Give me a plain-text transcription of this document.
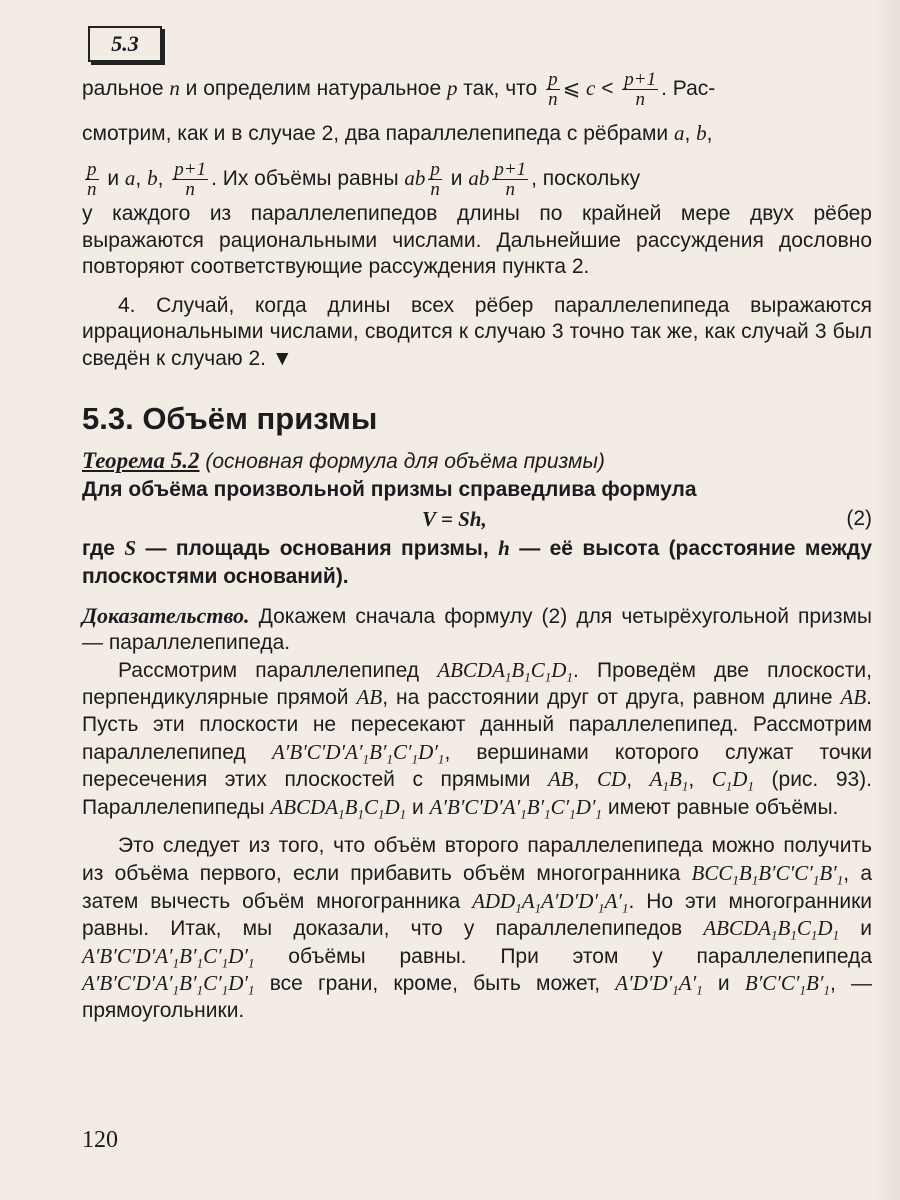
5.3

ральное n и определим натуральное p так, что $\frac{p}{n}$ ⩽ $c < \frac{p+1}{n}$ . Рас-
смотрим, как и в случае 2, два параллелепипеда с рёбрами a, b,

$\frac{p}{n}$ и a, b, $\frac{p+1}{n}$ . Их объёмы равны ab $\frac{p}{n}$ и ab $\frac{p+1}{n}$ , поскольку

у каждого из параллелепипедов длины по крайней мере двух рёбер выражаются рациональными числами. Дальнейшие рассуждения дословно повторяют соответствующие рассуждения пункта 2.

4. Случай, когда длины всех рёбер параллелепипеда выражаются иррациональными числами, сводится к случаю 3 точно так же, как случай 3 был сведён к случаю 2. ▼

5.3. Объём призмы

Теорема 5.2 (основная формула для объёма призмы)

Для объёма произвольной призмы справедлива формула

V = Sh,	(2)

где S — площадь основания призмы, h — её высота (расстояние между плоскостями оснований).

Доказательство. Докажем сначала формулу (2) для четырёхугольной призмы — параллелепипеда.

Рассмотрим параллелепипед $ABCDA_1B_1C_1D_1$. Проведём две плоскости, перпендикулярные прямой AB, на расстоянии друг от друга, равном длине AB. Пусть эти плоскости не пересекают данный параллелепипед. Рассмотрим параллелепипед $A'B'C'D'A'_1B'_1C'_1D'_1$, вершинами которого служат точки пересечения этих плоскостей с прямыми AB, CD, $A_1B_1$, $C_1D_1$ (рис. 93). Параллелепипеды $ABCDA_1B_1C_1D_1$ и $A'B'C'D'A'_1B'_1C'_1D'_1$ имеют равные объёмы.

Это следует из того, что объём второго параллелепипеда можно получить из объёма первого, если прибавить объём многогранника $BCC_1B_1B'C'C'_1B'_1$, а затем вычесть объём многогранника $ADD_1A_1A'D'D'_1A'_1$. Но эти многогранники равны. Итак, мы доказали, что у параллелепипедов $ABCDA_1B_1C_1D_1$ и $A'B'C'D'A'_1B'_1C'_1D'_1$ объёмы равны. При этом у параллелепипеда $A'B'C'D'A'_1B'_1C'_1D'_1$ все грани, кроме, быть может, $A'D'D'_1A'_1$ и $B'C'C'_1B'_1$, — прямоугольники.

120
